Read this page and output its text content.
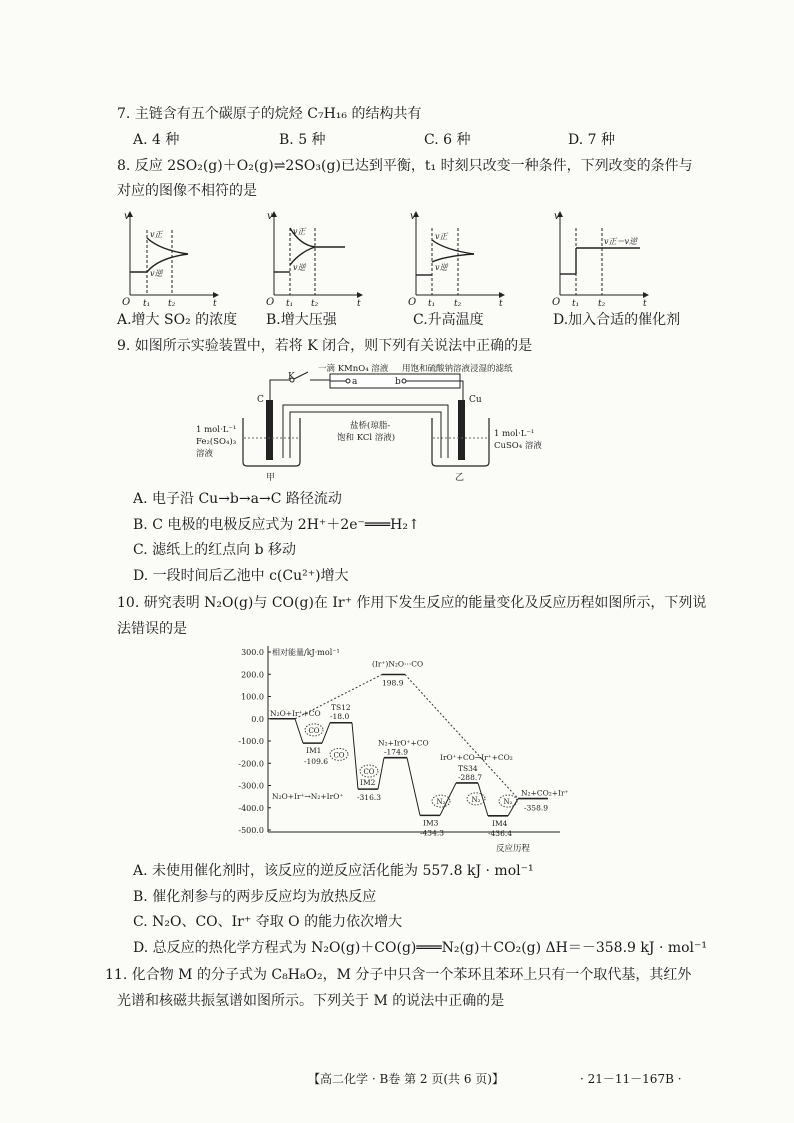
7. 主链含有五个碳原子的烷烃 C₇H₁₆ 的结构共有
A. 4 种	B. 5 种	C. 6 种	D. 7 种
8. 反应 2SO₂(g)＋O₂(g)⇌2SO₃(g)已达到平衡，t₁ 时刻只改变一种条件，下列改变的条件与
对应的图像不相符的是
v
O t₁ t₂	t
v正
v逆
v
O t₁ t₂	t
v正
v逆
v
O t₁ t₂	t
v正
v逆
v
O t₁ t₂	t
v正＝v逆
A.增大 SO₂ 的浓度 B.增大压强	C.升高温度	D.加入合适的催化剂
9. 如图所示实验装置中，若将 K 闭合，则下列有关说法中正确的是
K	a	b
一滴 KMnO₄ 溶液 用饱和硫酸钠溶液浸湿的滤纸
C	Cu
盐桥(琼脂-
饱和 KCl 溶液)
1 mol·L⁻¹
Fe₂(SO₄)₃
溶液
1 mol·L⁻¹
CuSO₄ 溶液
甲	乙
A. 电子沿 Cu→b→a→C 路径流动
B. C 电极的电极反应式为 2H⁺＋2e⁻═══H₂↑
C. 滤纸上的红点向 b 移动
D. 一段时间后乙池中 c(Cu²⁺)增大
10. 研究表明 N₂O(g)与 CO(g)在 Ir⁺ 作用下发生反应的能量变化及反应历程如图所示，下列说
法错误的是
300.0
200.0
100.0
0.0
-100.0
-200.0
-300.0
-400.0
-500.0
N₂O+Ir⁺+CO
IM1
-109.6
TS12
-18.0
IM2
-316.3
N₂+IrO⁺+CO
-174.9
IM3
-434.3
TS34
-288.7
IM4
-436.4
N₂+CO₂+Ir⁺
-358.9
(Ir⁺)N₂O···CO
198.9
CO
CO
CO
N₂	N₂	N₂
相对能量/kJ·mol⁻¹
反应历程
N₂O+Ir⁺→N₂+IrO⁺
IrO⁺+CO→Ir⁺+CO₂
A. 未使用催化剂时，该反应的逆反应活化能为 557.8 kJ · mol⁻¹
B. 催化剂参与的两步反应均为放热反应
C. N₂O、CO、Ir⁺ 夺取 O 的能力依次增大
D. 总反应的热化学方程式为 N₂O(g)＋CO(g)═══N₂(g)＋CO₂(g) ΔH＝－358.9 kJ · mol⁻¹
11. 化合物 M 的分子式为 C₈H₈O₂，M 分子中只含一个苯环且苯环上只有一个取代基，其红外
光谱和核磁共振氢谱如图所示。下列关于 M 的说法中正确的是
【高二化学 · B卷 第 2 页(共 6 页)】	· 21－11－167B ·
